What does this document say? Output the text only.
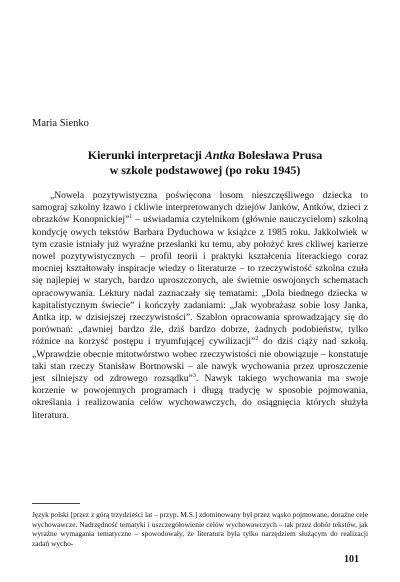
Maria Sienko
Kierunki interpretacji Antka Bolesława Prusa
w szkole podstawowej (po roku 1945)

„Nowela pozytywistyczna poświęcona losom nieszczęśliwego dziecka to samograj szkolny łzawo i ckliwie interpretowanych dziejów Janków, Antków, dzieci z obrazków Konopnickiej”$^1$ – uświadamia czytelnikom (głównie nauczycielom) szkolną kondycję owych tekstów Barbara Dyduchowa w książce z 1985 roku. Jakkolwiek w tym czasie istniały już wyraźne przesłanki ku temu, aby położyć kres ckliwej karierze nowel pozytywistycznych – profil teorii i praktyki kształcenia literackiego coraz mocniej kształtowały inspiracje wiedzy o literaturze – to rzeczywistość szkolna czuła się najlepiej w starych, bardzo uproszczonych, ale świetnie oswojonych schematach opracowywania. Lektury nadal zaznaczały się tematami: „Dola biednego dziecka w kapitalistycznym świecie” i kończyły zadaniami: „Jak wyobrażasz sobie losy Janka, Antka itp. w dzisiejszej rzeczywistości”. Szablon opracowania sprowadzający się do porównań: „dawniej bardzo źle, dziś bardzo dobrze, żadnych podobieństw, tylko różnice na korzyść postępu i tryumfującej cywilizacji”$^2$ do dziś ciąży nad szkołą. „Wprawdzie obecnie mitotwórstwo wobec rzeczywistości nie obowiązuje – konstatuje taki stan rzeczy Stanisław Bortnowski – ale nawyk wychowania przez uproszczenie jest silniejszy od zdrowego rozsądku”$^3$. Nawyk takiego wychowania ma swoje korzenie w powojennych programach i długą tradycję w sposobie pojmowania, określania i realizowania celów wychowawczych, do osiągnięcia których służyła literatura.

Język polski [przez z górą trzydzieści lat – przyp. M.S.] zdominowany był przez wąsko pojmowane, doraźne cele wychowawcze. Nadrzędność tematyki i uszczegółowienie celów wychowawczych – tak przez dobór tekstów, jak wyraźne wymagania tematyczne – spowodowały, że literatura była tylko narzędziem służącym do realizacji zadań wycho-
101
